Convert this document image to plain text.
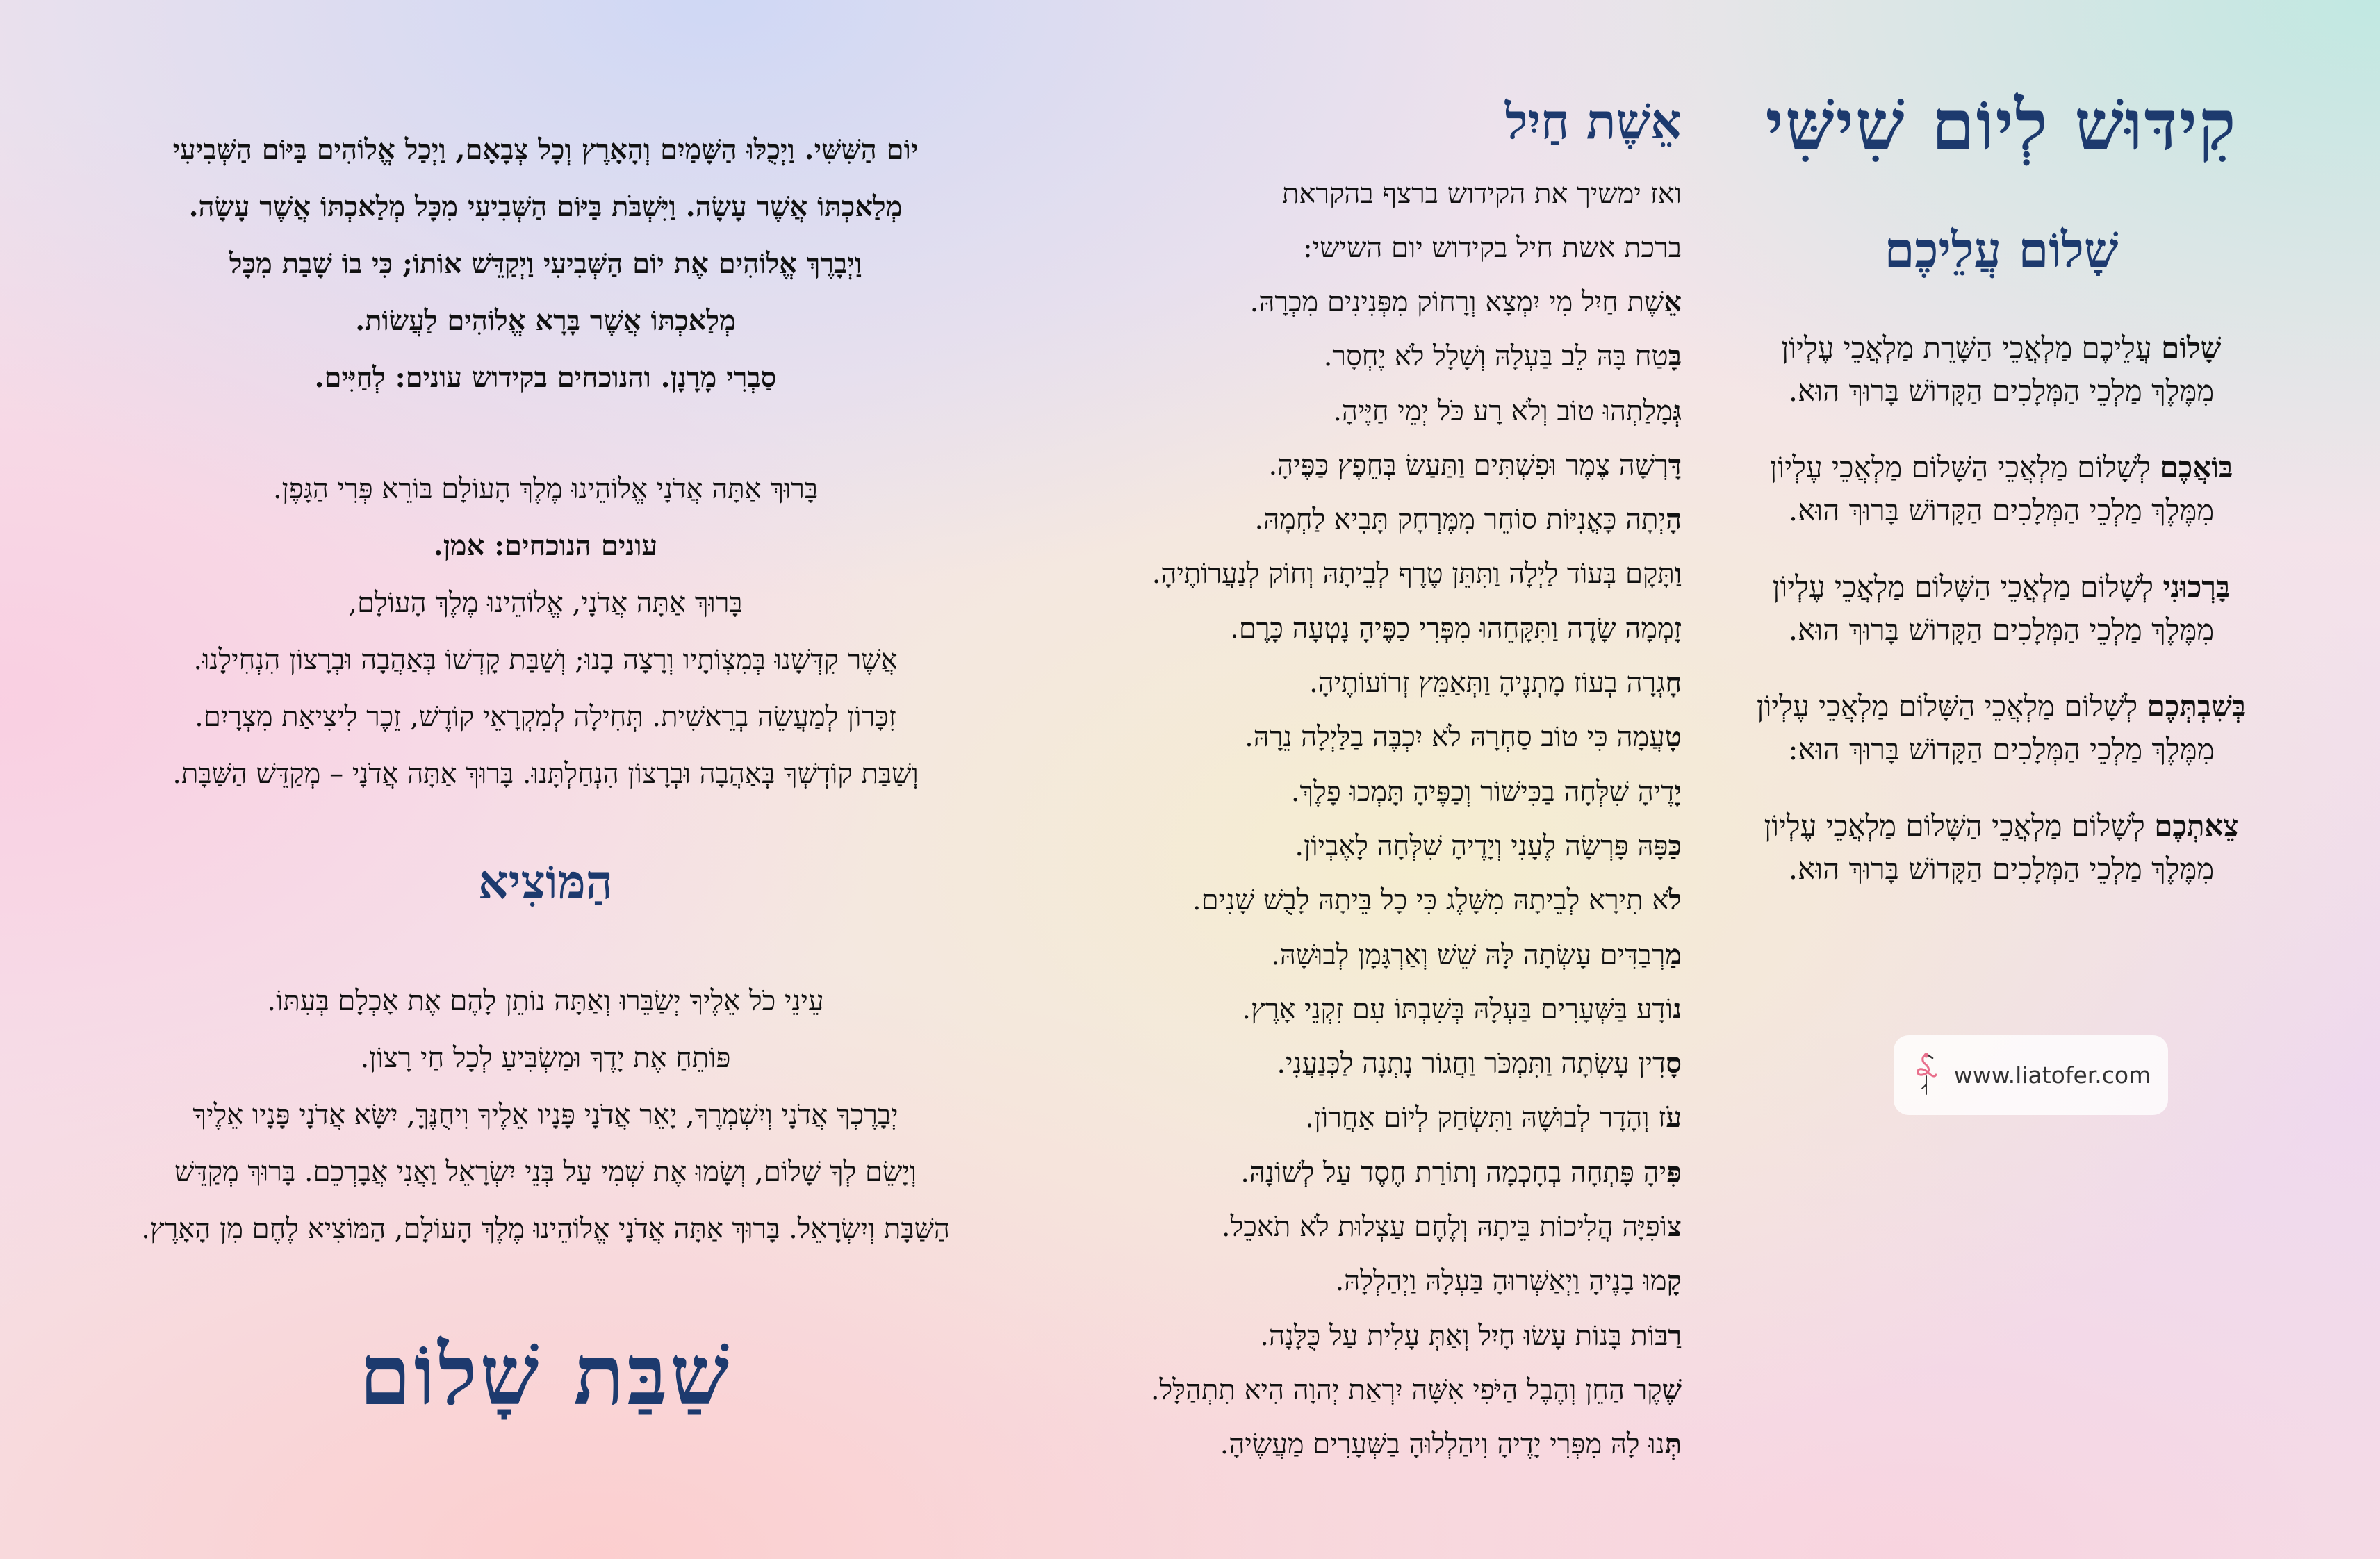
קִידּוּשׁ לְיוֹם שִׁישִּׁי
שָׁלוֹם עֲלֵיכֶם
שָׁלוֹם עֲלֵיכֶם מַלְאֲכֵי הַשָּׁרֵת מַלְאֲכֵי עֶלְיוֹן
מִמֶּלֶךְ מַלְכֵי הַמְּלָכִים הַקָּדוֹשׁ בָּרוּךְ הוּא.
בּוֹאֲכֶם לְשָׁלוֹם מַלְאֲכֵי הַשָּׁלוֹם מַלְאֲכֵי עֶלְיוֹן
מִמֶּלֶךְ מַלְכֵי הַמְּלָכִים הַקָּדוֹשׁ בָּרוּךְ הוּא.
בָּרְכוּנִי לְשָׁלוֹם מַלְאֲכֵי הַשָּׁלוֹם מַלְאֲכֵי עֶלְיוֹן
מִמֶּלֶךְ מַלְכֵי הַמְּלָכִים הַקָּדוֹשׁ בָּרוּךְ הוּא.
בְּשִׁבְתְּכֶם לְשָׁלוֹם מַלְאֲכֵי הַשָּׁלוֹם מַלְאֲכֵי עֶלְיוֹן
מִמֶּלֶךְ מַלְכֵי הַמְּלָכִים הַקָּדוֹשׁ בָּרוּךְ הוּא:
צֵאתְכֶם לְשָׁלוֹם מַלְאֲכֵי הַשָּׁלוֹם מַלְאֲכֵי עֶלְיוֹן
מִמֶּלֶךְ מַלְכֵי הַמְּלָכִים הַקָּדוֹשׁ בָּרוּךְ הוּא.
www.liatofer.com
אֵשֶׁת חַיִל
ואז ימשיך את הקידוש ברצף בהקראת
ברכת אשת חיל בקידוש יום השישי:
אֵשֶׁת חַיִל מִי יִמְצָא וְרָחוֹק מִפְּנִינִים מִכְרָהּ.
בָּטַח בָּהּ לֵב בַּעְלָהּ וְשָׁלָל לֹא יֶחְסָר.
גְּמָלַתְהוּ טוֹב וְלֹא רָע כֹּל יְמֵי חַיֶּיהָ.
דָּרְשָׁה צֶמֶר וּפִשְׁתִּים וַתַּעַשׂ בְּחֵפֶץ כַּפֶּיהָ.
הָיְתָה כָּאֳנִיּוֹת סוֹחֵר מִמֶּרְחָק תָּבִיא לַחְמָהּ.
וַתָּקָם בְּעוֹד לַיְלָה וַתִּתֵּן טֶרֶף לְבֵיתָהּ וְחוֹק לְנַעֲרוֹתֶיהָ.
זָמְמָה שָׂדֶה וַתִּקָּחֵהוּ מִפְּרִי כַפֶּיהָ נָטְעָה כָּרֶם.
חָגְרָה בְעוֹז מָתְנֶיהָ וַתְּאַמֵּץ זְרוֹעוֹתֶיהָ.
טָעֲמָה כִּי טוֹב סַחְרָהּ לֹא יִכְבֶּה בַלַּיְלָה נֵרָהּ.
יָדֶיהָ שִׁלְּחָה בַכִּישׁוֹר וְכַפֶּיהָ תָּמְכוּ פָלֶךְ.
כַּפָּהּ פָּרְשָׂה לֶעָנִי וְיָדֶיהָ שִׁלְּחָה לָאֶבְיוֹן.
לֹא תִירָא לְבֵיתָהּ מִשָּׁלֶג כִּי כָל בֵּיתָהּ לָבֻשׁ שָׁנִים.
מַרְבַדִּים עָשְׂתָה לָּהּ שֵׁשׁ וְאַרְגָּמָן לְבוּשָׁהּ.
נוֹדָע בַּשְּׁעָרִים בַּעְלָהּ בְּשִׁבְתּוֹ עִם זִקְנֵי אָרֶץ.
סָדִין עָשְׂתָה וַתִּמְכֹּר וַחֲגוֹר נָתְנָה לַכְּנַעֲנִי.
עֹז וְהָדָר לְבוּשָׁהּ וַתִּשְׂחַק לְיוֹם אַחֲרוֹן.
פִּיהָ פָּתְחָה בְחָכְמָה וְתוֹרַת חֶסֶד עַל לְשׁוֹנָהּ.
צוֹפִיָּה הֲלִיכוֹת בֵּיתָהּ וְלֶחֶם עַצְלוּת לֹא תֹאכֵל.
קָמוּ בָנֶיהָ וַיְאַשְּׁרוּהָ בַּעְלָהּ וַיְהַלְלָהּ.
רַבּוֹת בָּנוֹת עָשׂוּ חָיִל וְאַתְּ עָלִית עַל כֻּלָּנָה.
שֶׁקֶר הַחֵן וְהֶבֶל הַיֹּפִי אִשָּׁה יִרְאַת יְהוָה הִיא תִתְהַלָּל.
תְּנוּ לָהּ מִפְּרִי יָדֶיהָ וִיהַלְלוּהָ בַשְּׁעָרִים מַעֲשֶׂיהָ.
יוֹם הַשִּׁשִּׁי. וַיְכֻלּוּ הַשָּׁמַיִם וְהָאָרֶץ וְכָל צְבָאָם, וַיְכַל אֱלוֹהִים בַּיּוֹם הַשְּׁבִיעִי
מְלַאכְתּוֹ אֲשֶׁר עָשָׂה. וַיִּשְׁבֹּת בַּיּוֹם הַשְּׁבִיעִי מִכָּל מְלַאכְתּוֹ אֲשֶׁר עָשָׂה.
וַיְבָרֶךְ אֱלוֹהִים אֶת יוֹם הַשְּׁבִיעִי וַיְקַדֵּשׁ אוֹתוֹ; כִּי בוֹ שָׁבַת מִכָּל
מְלַאכְתּוֹ אֲשֶׁר בָּרָא אֱלוֹהִים לַעֲשׂוֹת.
סַבְרִי מָרָנָן. והנוכחים בקידוש עונים: לְחַיִּים.
בָּרוּךְ אַתָּה אֲדֹנָי אֱלוֹהֵינוּ מֶלֶךְ הָעוֹלָם בּוֹרֵא פְּרִי הַגָּפֶן.
עונים הנוכחים: אמן.
בָּרוּךְ אַתָּה אֲדֹנָי, אֱלוֹהֵינוּ מֶלֶךְ הָעוֹלָם,
אֲשֶׁר קִדְּשָׁנוּ בְּמִצְוֹתָיו וְרָצָה בָנוּ; וְשַׁבַּת קָדְשׁוֹ בְּאַהֲבָה וּבְרָצוֹן הִנְחִילָנוּ.
זִכָּרוֹן לְמַעֲשֵׂה בְרֵאשִׁית. תְּחִילָה לְמִקְרָאֵי קוֹדֶשׁ, זֵכֶר לִיצִיאַת מִצְרָיִם.
וְשַׁבַּת קוֹדְשְׁךָ בְּאַהֲבָה וּבְרָצוֹן הִנְחַלְתָּנוּ. בָּרוּךְ אַתָּה אֲדֹנָי – מְקַדֵּשׁ הַשַּׁבָּת.
הַמּוֹצִיא
עֵינֵי כֹל אֵלֶיךָ יְשַׂבֵּרוּ וְאַתָּה נוֹתֵן לָהֶם אֶת אָכְלָם בְּעִתּוֹ.
פּוֹתֵחַ אֶת יָדֶךָ וּמַשְׂבִּיעַ לְכָל חַי רָצוֹן.
יְבָרֶכְךָ אֲדֹנָי וְיִשְׁמְרֶךָ, יָאֵר אֲדֹנָי פָּנָיו אֵלֶיךָ וִיחֻנֶּךָּ, יִשָּׂא אֲדֹנָי פָּנָיו אֵלֶיךָ
וְיָשֵׂם לְךָ שָׁלוֹם, וְשָׂמוּ אֶת שְׁמִי עַל בְּנֵי יִשְׂרָאֵל וַאֲנִי אֲבָרְכֵם. בָּרוּךְ מְקַדֵּשׁ
הַשַּׁבָּת וְיִשְׂרָאֵל. בָּרוּךְ אַתָּה אֲדֹנָי אֱלוֹהֵינוּ מֶלֶךְ הָעוֹלָם, הַמּוֹצִיא לֶחֶם מִן הָאָרֶץ.
שַׁבַּת שָׁלוֹם
